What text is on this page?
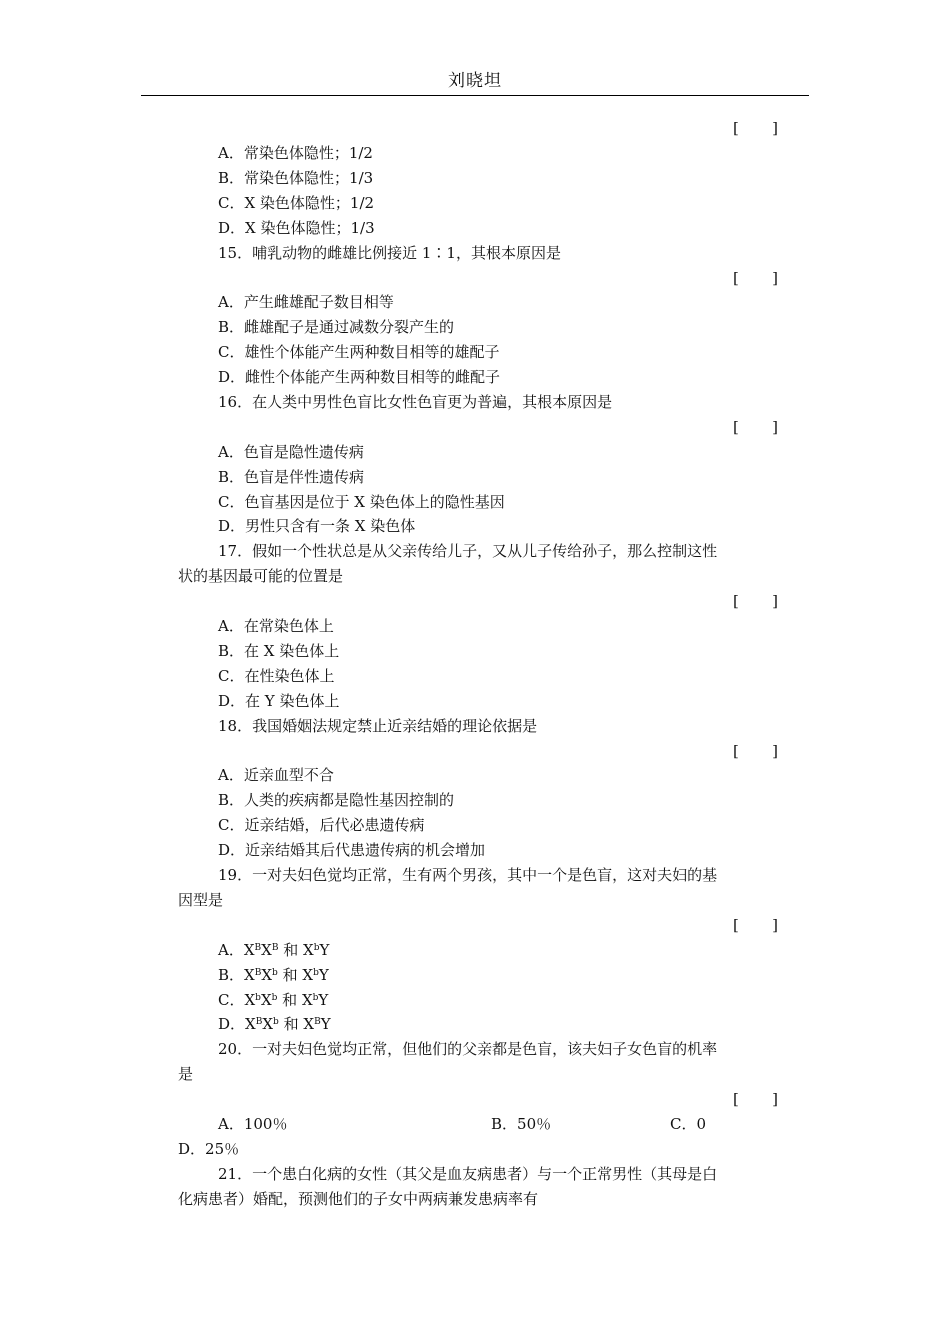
刘晓坦
[ ]
A．常染色体隐性；1/2
B．常染色体隐性；1/3
C．X 染色体隐性；1/2
D．X 染色体隐性；1/3
15．哺乳动物的雌雄比例接近 1∶1，其根本原因是
[ ]
A．产生雌雄配子数目相等
B．雌雄配子是通过减数分裂产生的
C．雄性个体能产生两种数目相等的雄配子
D．雌性个体能产生两种数目相等的雌配子
16．在人类中男性色盲比女性色盲更为普遍，其根本原因是
[ ]
A．色盲是隐性遗传病
B．色盲是伴性遗传病
C．色盲基因是位于 X 染色体上的隐性基因
D．男性只含有一条 X 染色体
17．假如一个性状总是从父亲传给儿子，又从儿子传给孙子，那么控制这性
状的基因最可能的位置是
[ ]
A．在常染色体上
B．在 X 染色体上
C．在性染色体上
D．在 Y 染色体上
18．我国婚姻法规定禁止近亲结婚的理论依据是
[ ]
A．近亲血型不合
B．人类的疾病都是隐性基因控制的
C．近亲结婚，后代必患遗传病
D．近亲结婚其后代患遗传病的机会增加
19．一对夫妇色觉均正常，生有两个男孩，其中一个是色盲，这对夫妇的基
因型是
[ ]
A．$X^BX^B$ 和 $X^bY$
B．$X^BX^b$ 和 $X^bY$
C．$X^bX^b$ 和 $X^bY$
D．$X^BX^b$ 和 $X^BY$
20．一对夫妇色觉均正常，但他们的父亲都是色盲，该夫妇子女色盲的机率
是
[ ]
A．100％	B．50％	C．0
D．25％
21．一个患白化病的女性（其父是血友病患者）与一个正常男性（其母是白
化病患者）婚配，预测他们的子女中两病兼发患病率有
